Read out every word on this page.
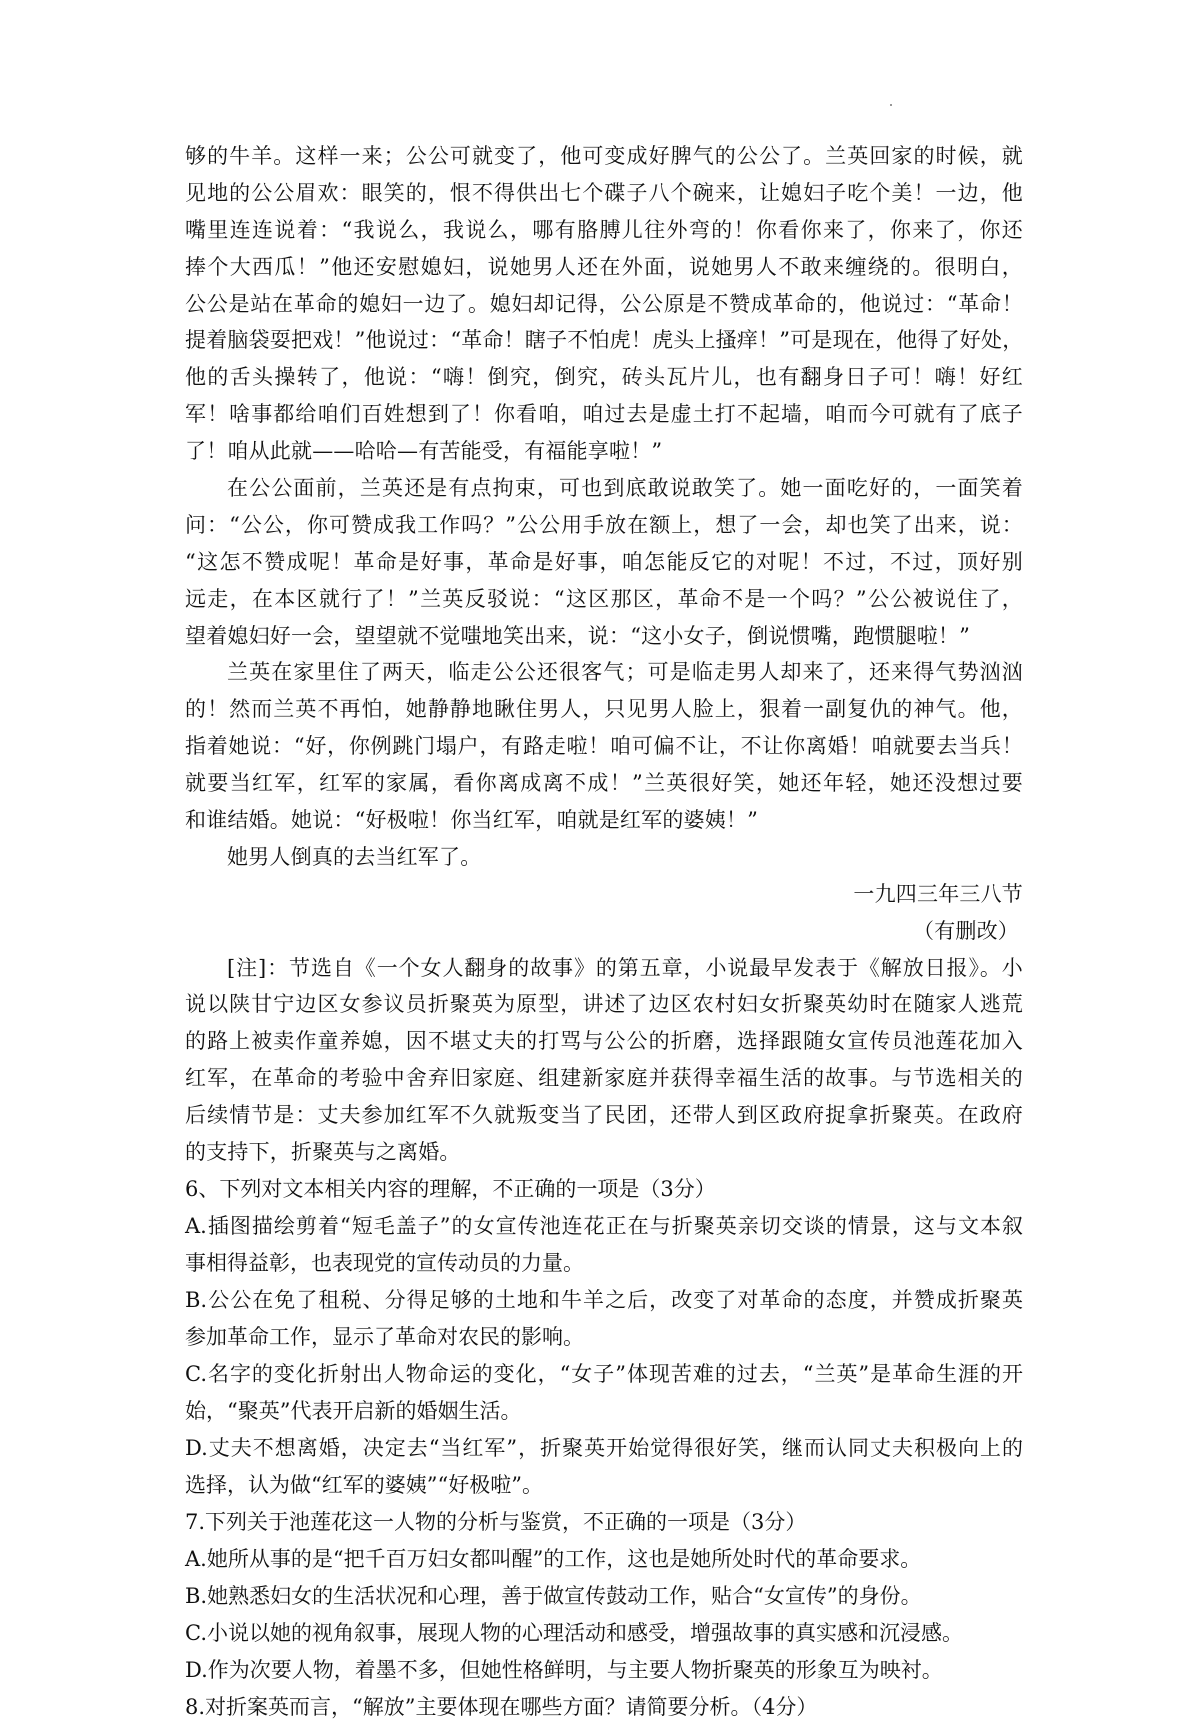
够的牛羊。这样一来；公公可就变了，他可变成好脾气的公公了。兰英回家的时候，就
见地的公公眉欢：眼笑的，恨不得供出七个碟子八个碗来，让媳妇子吃个美！一边，他
嘴里连连说着：“我说么，我说么，哪有胳膊儿往外弯的！你看你来了，你来了，你还
捧个大西瓜！”他还安慰媳妇，说她男人还在外面，说她男人不敢来缠绕的。很明白，
公公是站在革命的媳妇一边了。媳妇却记得，公公原是不赞成革命的，他说过：“革命！
提着脑袋耍把戏！”他说过：“革命！瞎子不怕虎！虎头上搔痒！”可是现在，他得了好处，
他的舌头操转了，他说：“嗨！倒究，倒究，砖头瓦片儿，也有翻身日子可！嗨！好红
军！啥事都给咱们百姓想到了！你看咱，咱过去是虚土打不起墙，咱而今可就有了底子
了！咱从此就——哈哈—有苦能受，有福能享啦！”
在公公面前，兰英还是有点拘束，可也到底敢说敢笑了。她一面吃好的，一面笑着
问：“公公，你可赞成我工作吗？”公公用手放在额上，想了一会，却也笑了出来，说：
“这怎不赞成呢！革命是好事，革命是好事，咱怎能反它的对呢！不过，不过，顶好别
远走，在本区就行了！”兰英反驳说：“这区那区，革命不是一个吗？”公公被说住了，
望着媳妇好一会，望望就不觉嗤地笑出来，说：“这小女子，倒说惯嘴，跑惯腿啦！”
兰英在家里住了两天，临走公公还很客气；可是临走男人却来了，还来得气势汹汹
的！然而兰英不再怕，她静静地瞅住男人，只见男人脸上，狠着一副复仇的神气。他，
指着她说：“好，你例跳门塌户，有路走啦！咱可偏不让，不让你离婚！咱就要去当兵！
就要当红军，红军的家属，看你离成离不成！”兰英很好笑，她还年轻，她还没想过要
和谁结婚。她说：“好极啦！你当红军，咱就是红军的婆姨！”
她男人倒真的去当红军了。
一九四三年三八节
（有删改）
[注]：节选自《一个女人翻身的故事》的第五章，小说最早发表于《解放日报》。小
说以陕甘宁边区女参议员折聚英为原型，讲述了边区农村妇女折聚英幼时在随家人逃荒
的路上被卖作童养媳，因不堪丈夫的打骂与公公的折磨，选择跟随女宣传员池莲花加入
红军，在革命的考验中舍弃旧家庭、组建新家庭并获得幸福生活的故事。与节选相关的
后续情节是：丈夫参加红军不久就叛变当了民团，还带人到区政府捉拿折聚英。在政府
的支持下，折聚英与之离婚。
6、下列对文本相关内容的理解，不正确的一项是（3分）
A.插图描绘剪着“短毛盖子”的女宣传池连花正在与折聚英亲切交谈的情景，这与文本叙
事相得益彰，也表现党的宣传动员的力量。
B.公公在免了租税、分得足够的土地和牛羊之后，改变了对革命的态度，并赞成折聚英
参加革命工作，显示了革命对农民的影响。
C.名字的变化折射出人物命运的变化，“女子”体现苦难的过去，“兰英”是革命生涯的开
始，“聚英”代表开启新的婚姻生活。
D.丈夫不想离婚，决定去“当红军”，折聚英开始觉得很好笑，继而认同丈夫积极向上的
选择，认为做“红军的婆姨”“好极啦”。
7.下列关于池莲花这一人物的分析与鉴赏，不正确的一项是（3分）
A.她所从事的是“把千百万妇女都叫醒”的工作，这也是她所处时代的革命要求。
B.她熟悉妇女的生活状况和心理，善于做宣传鼓动工作，贴合“女宣传”的身份。
C.小说以她的视角叙事，展现人物的心理活动和感受，增强故事的真实感和沉浸感。
D.作为次要人物，着墨不多，但她性格鲜明，与主要人物折聚英的形象互为映衬。
8.对折案英而言，“解放”主要体现在哪些方面？请简要分析。（4分）
